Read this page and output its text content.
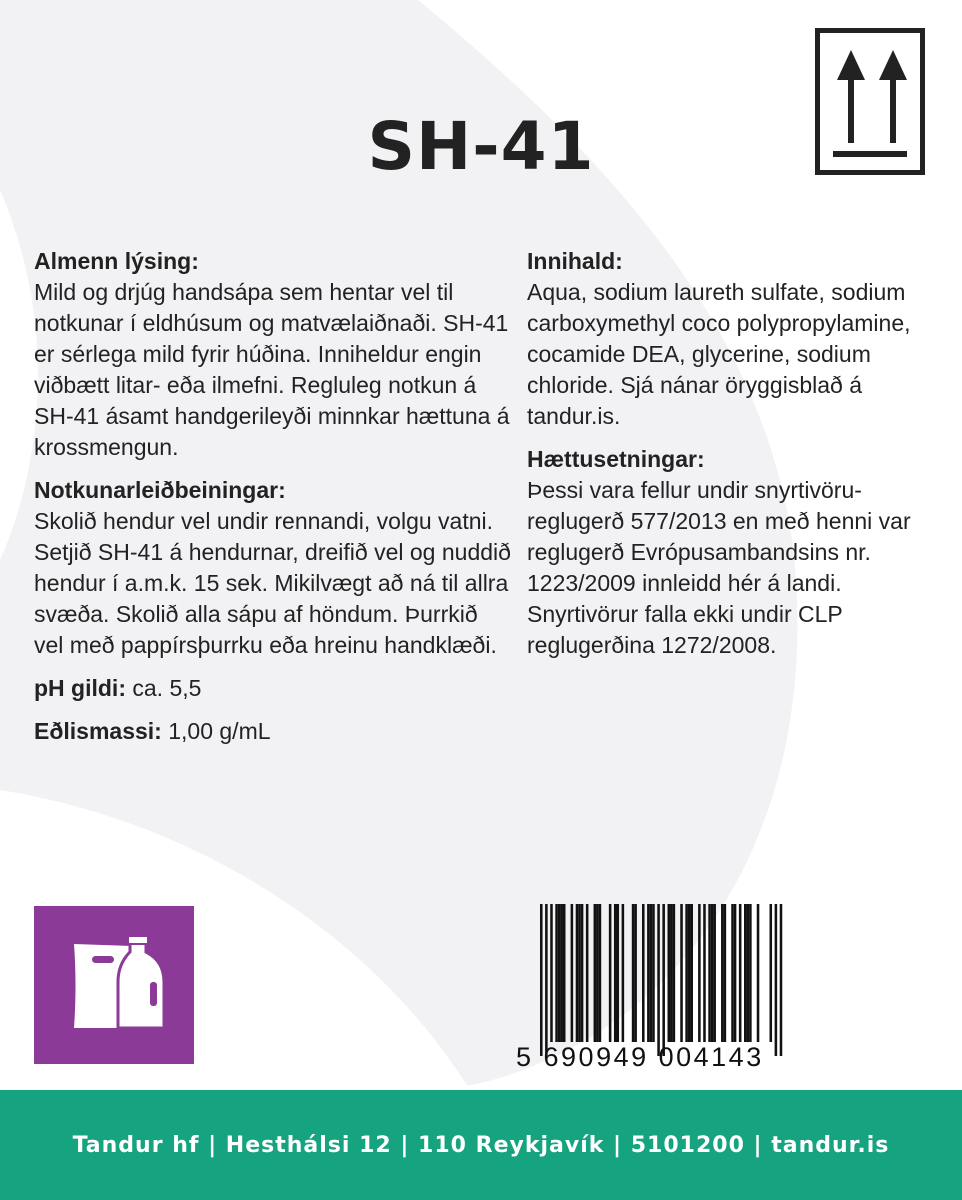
SH-41
Almenn lýsing:

Mild og drjúg handsápa sem hentar vel til notkunar í eldhúsum og matvælaiðnaði. SH-41 er sérlega mild fyrir húðina. Inniheldur engin viðbætt litar- eða ilmefni. Regluleg notkun á SH-41 ásamt handgerileyði minnkar hættuna á krossmengun.

Notkunarleiðbeiningar:

Skolið hendur vel undir rennandi, volgu vatni. Setjið SH-41 á hendurnar, dreifið vel og nuddið hendur í a.m.k. 15 sek. Mikilvægt að ná til allra svæða. Skolið alla sápu af höndum. Þurrkið vel með pappírsþurrku eða hreinu handklæði.

pH gildi: ca. 5,5
Eðlismassi: 1,00 g/mL
Innihald:

Aqua, sodium laureth sulfate, sodium carboxymethyl coco polypropylamine, cocamide DEA, glycerine, sodium chloride. Sjá nánar öryggisblað á tandur.is.

Hættusetningar:

Þessi vara fellur undir snyrtivöru-reglugerð 577/2013 en með henni var reglugerð Evrópusambandsins nr. 1223/2009 innleidd hér á landi. Snyrtivörur falla ekki undir CLP reglugerðina 1272/2008.

5 690949 004143
Tandur hf | Hesthálsi 12 | 110 Reykjavík | 5101200 | tandur.is
